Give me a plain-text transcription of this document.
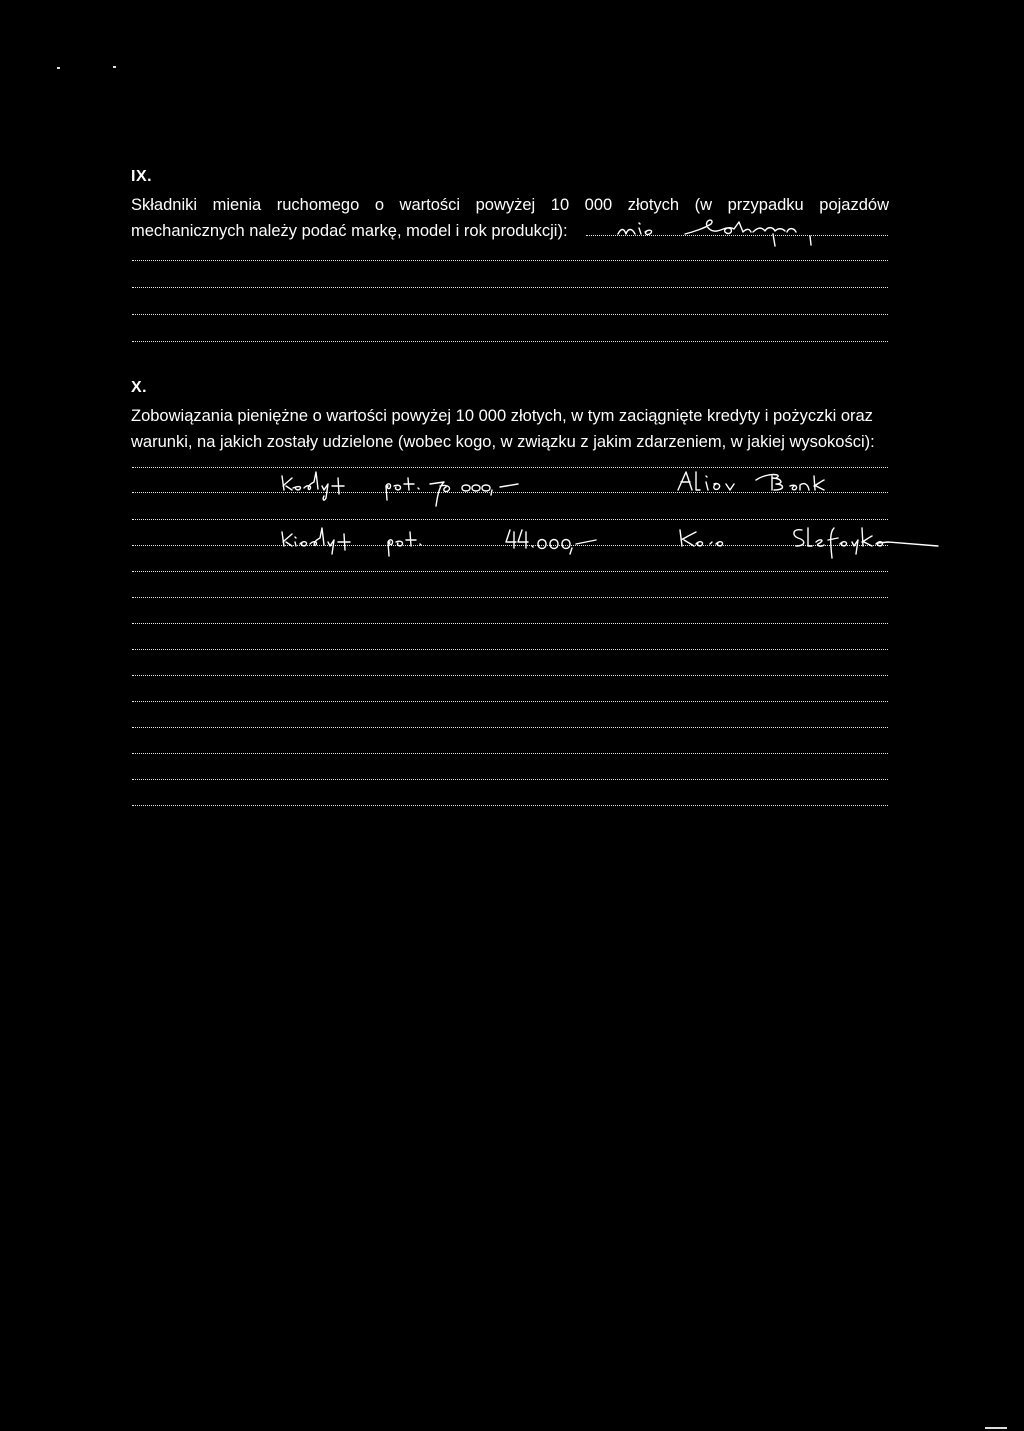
IX.
Składniki mienia ruchomego o wartości powyżej 10 000 złotych (w przypadku pojazdów
mechanicznych należy podać markę, model i rok produkcji):
X.
Zobowiązania pieniężne o wartości powyżej 10 000 złotych, w tym zaciągnięte kredyty i pożyczki oraz
warunki, na jakich zostały udzielone (wobec kogo, w związku z jakim zdarzeniem, w jakiej wysokości):
